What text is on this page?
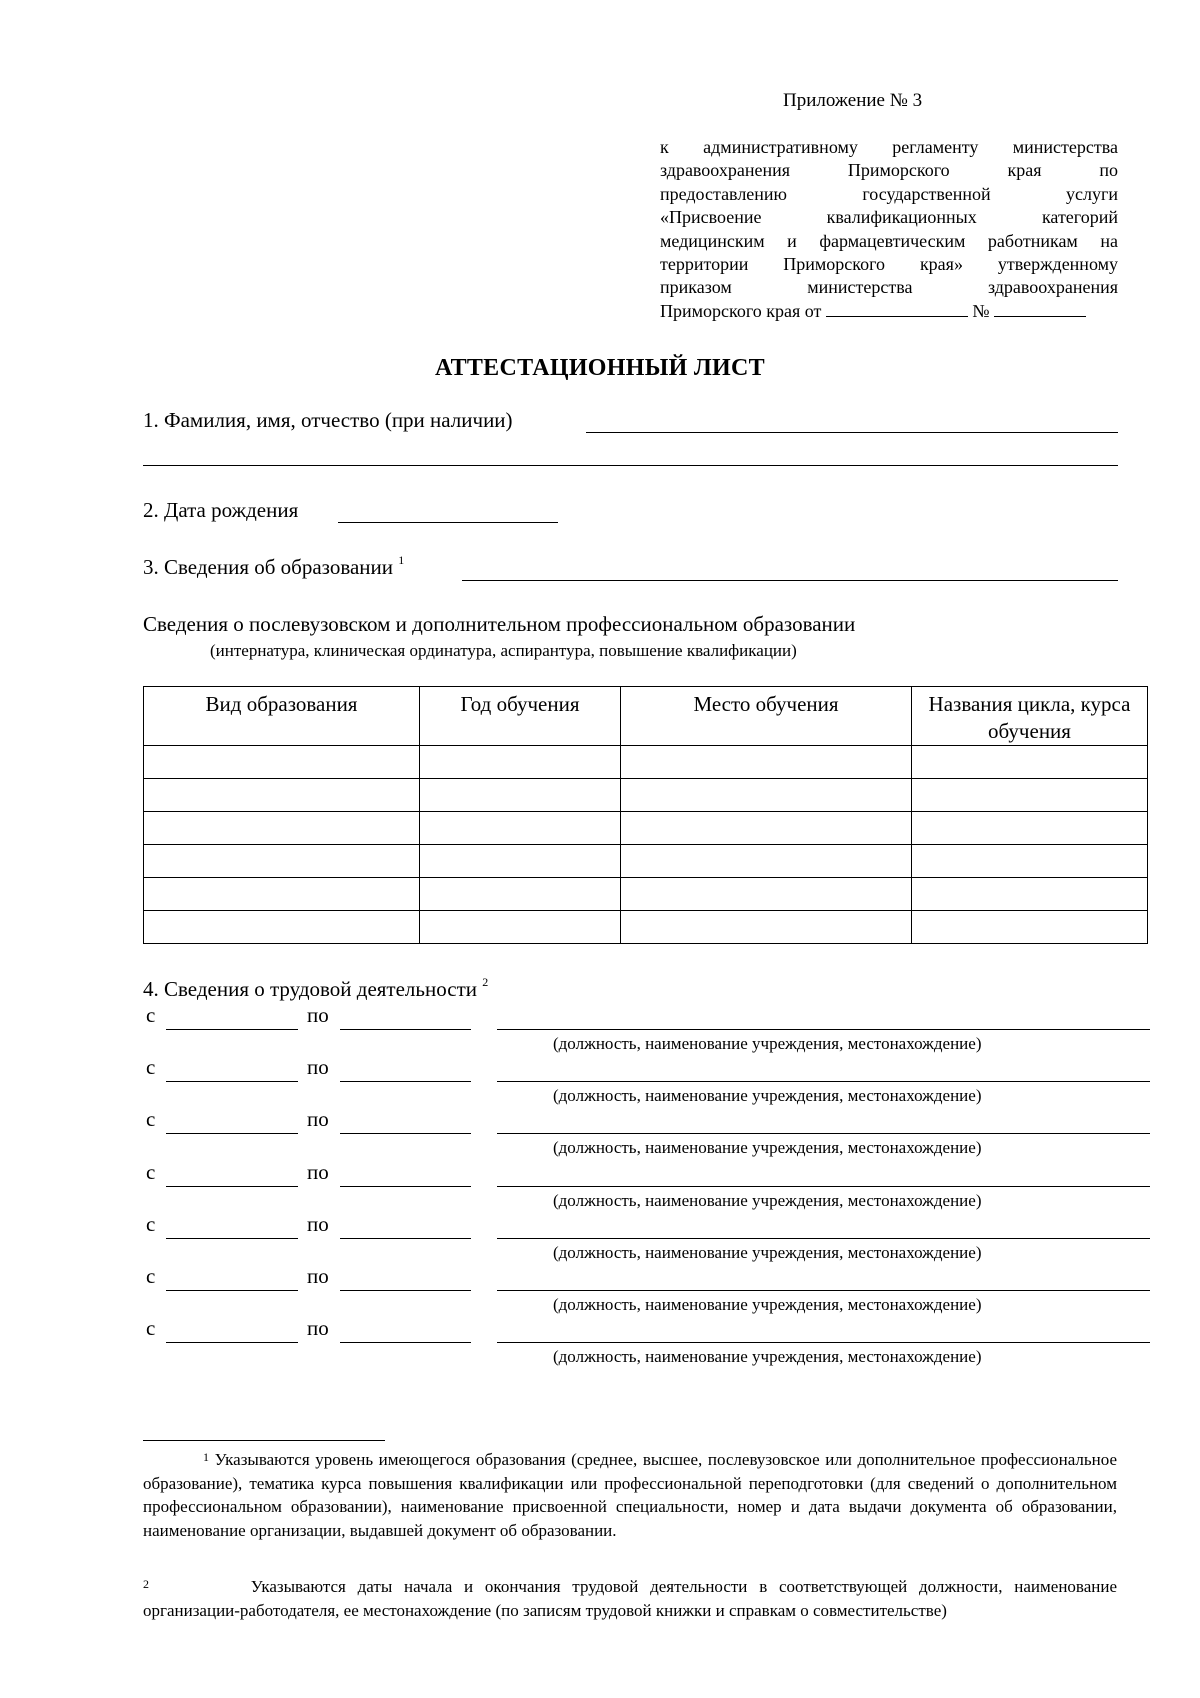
Приложение № 3
к административному регламенту министерства
здравоохранения Приморского края по
предоставлению государственной услуги
«Присвоение квалификационных категорий
медицинским и фармацевтическим работникам на
территории Приморского края» утвержденному
приказом министерства здравоохранения
Приморского края от	№
АТТЕСТАЦИОННЫЙ ЛИСТ
1. Фамилия, имя, отчество (при наличии)
2. Дата рождения
3. Сведения об образовании $^1$
Сведения о послевузовском и дополнительном профессиональном образовании
(интернатура, клиническая ординатура, аспирантура, повышение квалификации)
Вид образования	Год обучения	Место обучения	Названия цикла, курса обучения

4. Сведения о трудовой деятельности $^2$
с	по
(должность, наименование учреждения, местонахождение)
с	по
(должность, наименование учреждения, местонахождение)
с	по
(должность, наименование учреждения, местонахождение)
с	по
(должность, наименование учреждения, местонахождение)
с	по
(должность, наименование учреждения, местонахождение)
с	по
(должность, наименование учреждения, местонахождение)
с	по
(должность, наименование учреждения, местонахождение)
$^1$ Указываются уровень имеющегося образования (среднее, высшее, послевузовское или дополнительное профессиональное образование), тематика курса повышения квалификации или профессиональной переподготовки (для сведений о дополнительном профессиональном образовании), наименование присвоенной специальности, номер и дата выдачи документа об образовании, наименование организации, выдавшей документ об образовании.
$^2$	Указываются даты начала и окончания трудовой деятельности в соответствующей должности, наименование организации-работодателя, ее местонахождение (по записям трудовой книжки и справкам о совместительстве)
